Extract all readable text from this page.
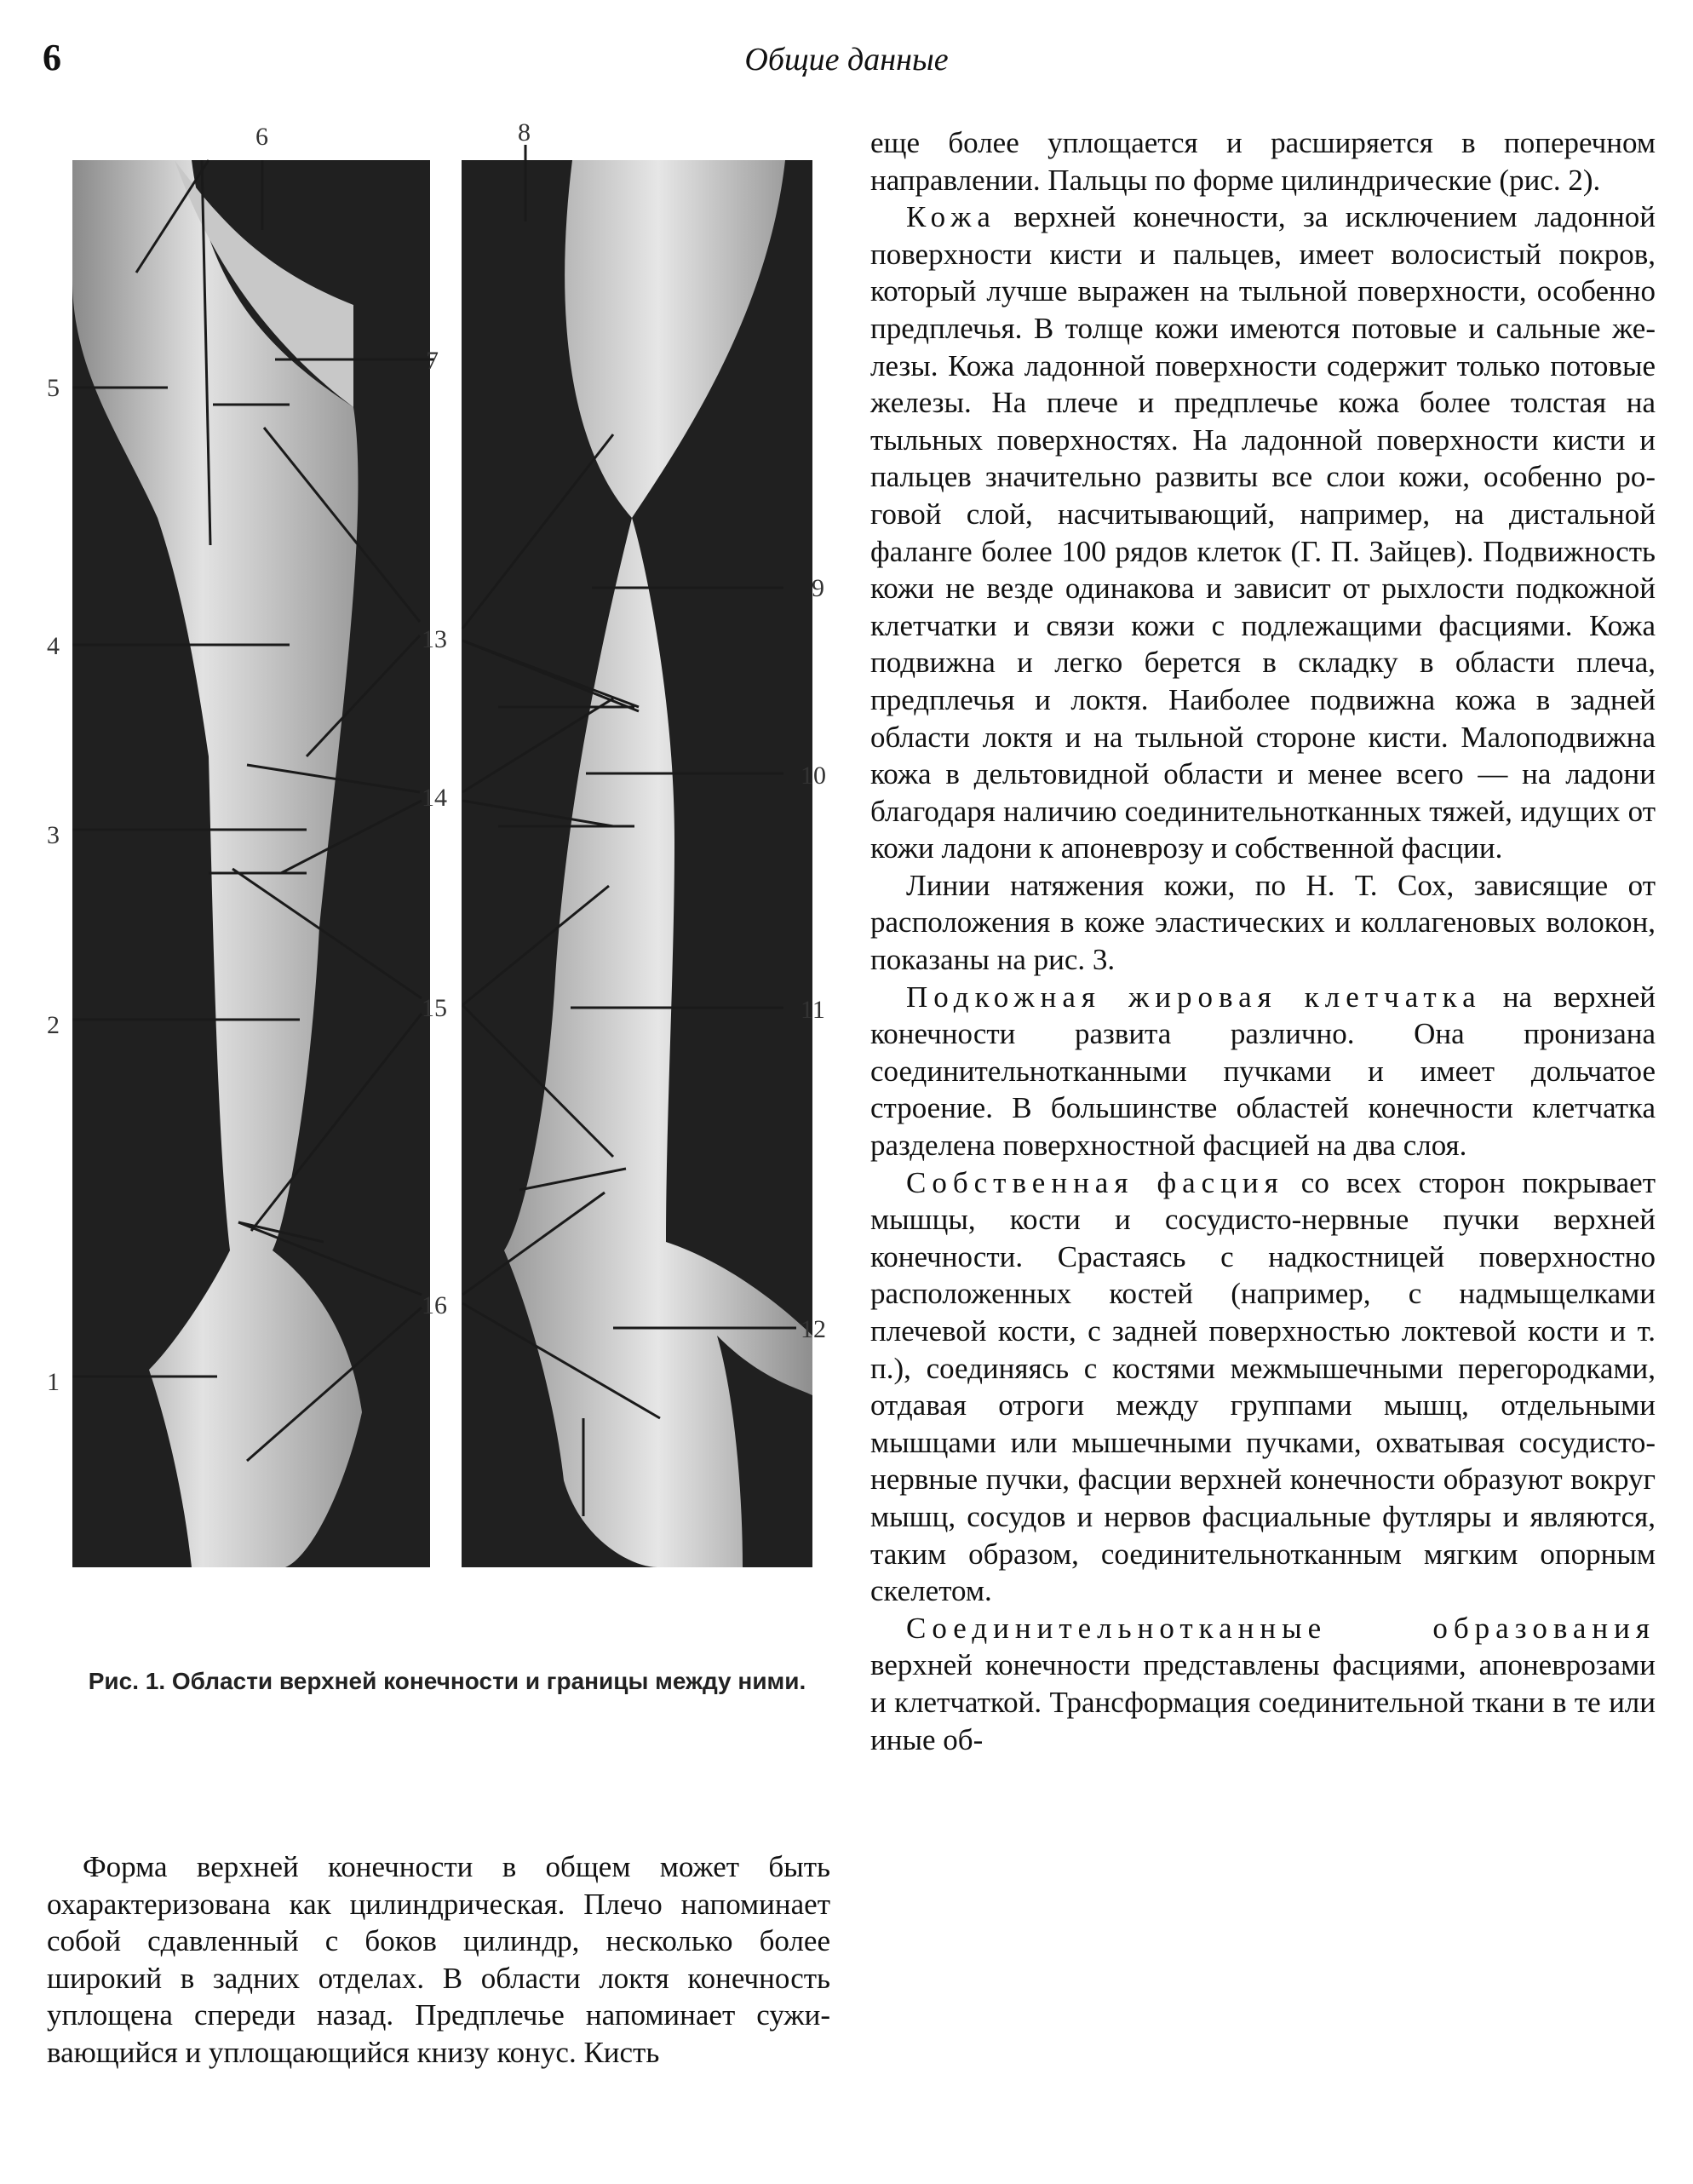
6	Общие данные
1
2
3
4
5
6
7
8
9
10
11
12
13
14
15
16
Рис. 1. Области верхней конечности и границы между ними.

Форма верхней конечности в общем может быть охарактеризована как цилиндрическая. Плечо напоминает собой сдавленный с боков цилиндр, несколько более широкий в задних отделах. В области локтя конечность уплощена спереди назад. Предплечье напоминает суживающийся и уплощающийся книзу конус. Кисть

еще более уплощается и расширяется в поперечном направлении. Пальцы по форме цилиндрические (рис. 2).

Кожа верхней конечности, за исключением ладонной поверхности кисти и пальцев, имеет волосистый покров, который лучше выражен на тыльной поверхности, особенно предплечья. В толще кожи имеются потовые и сальные железы. Кожа ладонной поверхности содержит только потовые железы. На плече и предплечье кожа более толстая на тыльных поверхностях. На ладонной поверхности кисти и пальцев значительно развиты все слои кожи, особенно роговой слой, насчитывающий, например, на дистальной фаланге более 100 рядов клеток (Г. П. Зайцев). Подвижность кожи не везде одинакова и зависит от рыхлости подкожной клетчатки и связи кожи с подлежащими фасциями. Кожа подвижна и легко берется в складку в области плеча, предплечья и локтя. Наиболее подвижна кожа в задней области локтя и на тыльной стороне кисти. Малоподвижна кожа в дельтовидной области и менее всего — на ладони благодаря наличию соединительнотканных тяжей, идущих от кожи ладони к апоневрозу и собственной фасции.

Линии натяжения кожи, по Н. Т. Сох, зависящие от расположения в коже эластических и коллагеновых волокон, показаны на рис. 3.

Подкожная жировая клетчатка на верхней конечности развита различно. Она пронизана соединительнотканными пучками и имеет дольчатое строение. В большинстве областей конечности клетчатка разделена поверхностной фасцией на два слоя.

Собственная фасция со всех сторон покрывает мышцы, кости и сосудисто-нервные пучки верхней конечности. Срастаясь с надкостницей поверхностно расположенных костей (например, с надмыщелками плечевой кости, с задней поверхностью локтевой кости и т. п.), соединяясь с костями межмышечными перегородками, отдавая отроги между группами мышц, отдельными мышцами или мышечными пучками, охватывая сосудисто-нервные пучки, фасции верхней конечности образуют вокруг мышц, сосудов и нервов фасциальные футляры и являются, таким образом, соединительнотканным мягким опорным скелетом.

Соединительнотканные образования верхней конечности представлены фасциями, апоневрозами и клетчаткой. Трансформация соединительной ткани в те или иные об-
